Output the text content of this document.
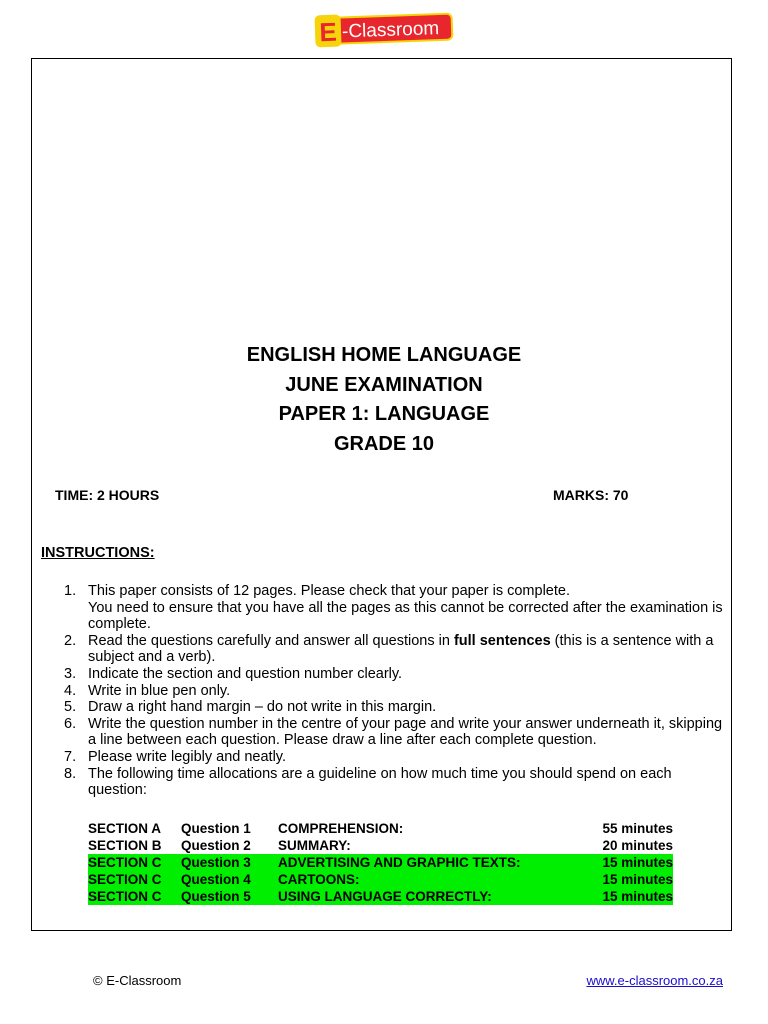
E -Classroom
ENGLISH HOME LANGUAGE
JUNE EXAMINATION
PAPER 1: LANGUAGE
GRADE 10
TIME: 2 HOURS	MARKS: 70
INSTRUCTIONS:
1. This paper consists of 12 pages. Please check that your paper is complete.
You need to ensure that you have all the pages as this cannot be corrected after the examination is complete.
2. Read the questions carefully and answer all questions in full sentences (this is a sentence with a subject and a verb).
3. Indicate the section and question number clearly.
4. Write in blue pen only.
5. Draw a right hand margin – do not write in this margin.
6. Write the question number in the centre of your page and write your answer underneath it, skipping a line between each question. Please draw a line after each complete question.
7. Please write legibly and neatly.
8. The following time allocations are a guideline on how much time you should spend on each question:
SECTION A Question 1 COMPREHENSION:	55 minutes
SECTION B Question 2 SUMMARY:	20 minutes
SECTION C Question 3 ADVERTISING AND GRAPHIC TEXTS:	15 minutes
SECTION C Question 4 CARTOONS:	15 minutes
SECTION C Question 5 USING LANGUAGE CORRECTLY:	15 minutes
© E-Classroom	www.e-classroom.co.za
